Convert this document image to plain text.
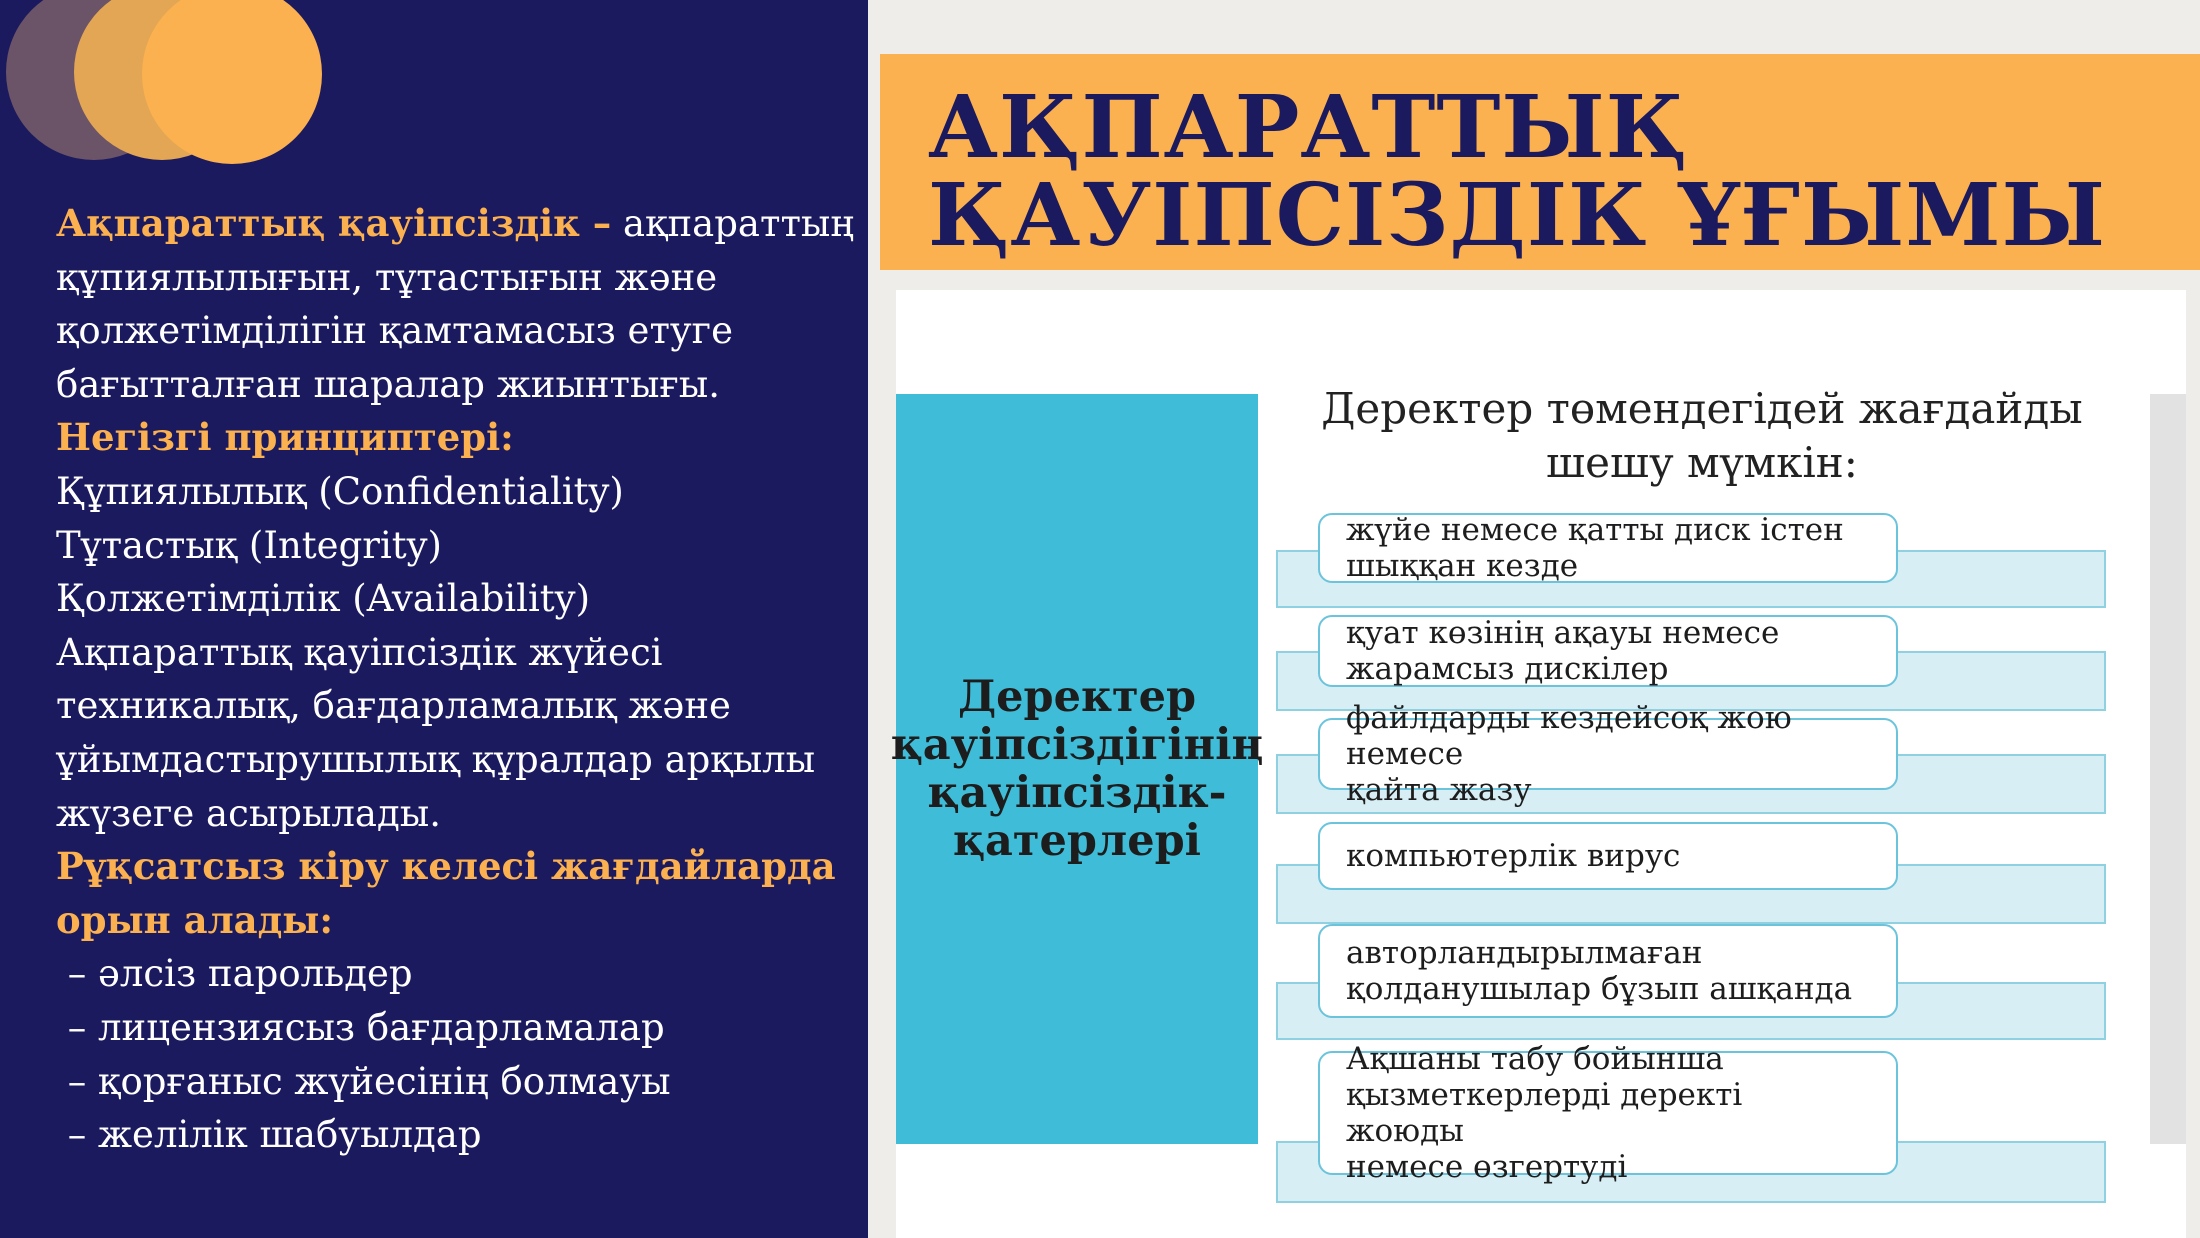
Ақпараттық қауіпсіздік – ақпараттың
құпиялылығын, тұтастығын және
қолжетімділігін қамтамасыз етуге
бағытталған шаралар жиынтығы.
Негізгі принциптері:
Құпиялылық (Confidentiality)
Тұтастық (Integrity)
Қолжетімділік (Availability)
Ақпараттық қауіпсіздік жүйесі
техникалық, бағдарламалық және
ұйымдастырушылық құралдар арқылы
жүзеге асырылады.
Рұқсатсыз кіру келесі жағдайларда
орын алады:
– әлсіз парольдер
– лицензиясыз бағдарламалар
– қорғаныс жүйесінің болмауы
– желілік шабуылдар
АҚПАРАТТЫҚ
ҚАУІПСІЗДІК ҰҒЫМЫ
Деректер
қауіпсіздігінің
қауіпсіздік-
қатерлері
Деректер төмендегідей жағдайды
шешу мүмкін:
жүйе немесе қатты диск істен
шыққан кезде
қуат көзінің ақауы немесе
жарамсыз дискілер
файлдарды кездейсоқ жою немесе
қайта жазу
компьютерлік вирус
авторландырылмаған
қолданушылар бұзып ашқанда
Ақшаны табу бойынша
қызметкерлерді деректі жоюды
немесе өзгертуді
